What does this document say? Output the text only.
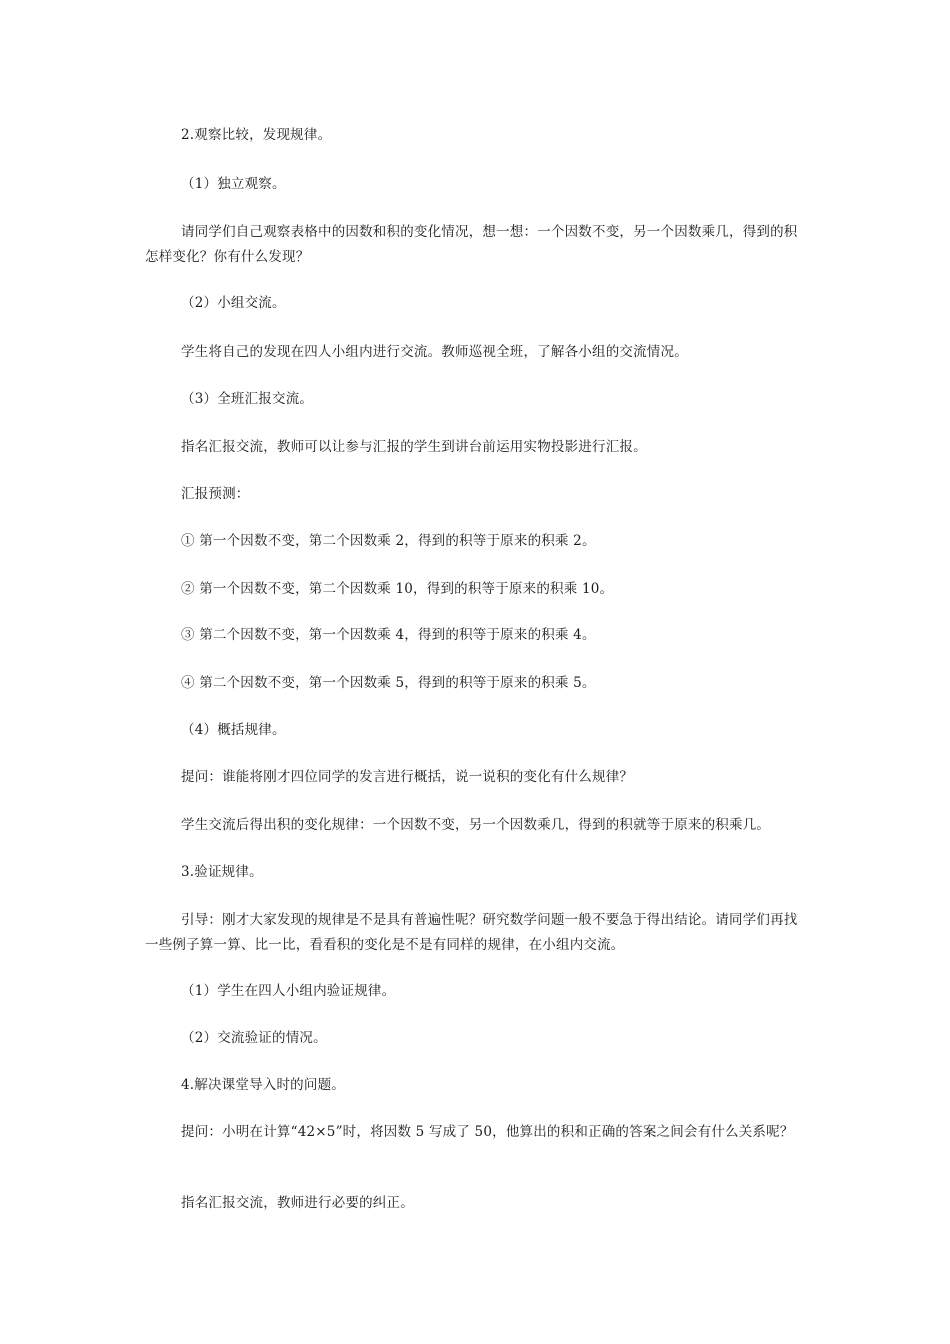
2.观察比较，发现规律。

（1）独立观察。

请同学们自己观察表格中的因数和积的变化情况，想一想：一个因数不变，另一个因数乘几，得到的积怎样变化？你有什么发现？

（2）小组交流。

学生将自己的发现在四人小组内进行交流。教师巡视全班，了解各小组的交流情况。

（3）全班汇报交流。

指名汇报交流，教师可以让参与汇报的学生到讲台前运用实物投影进行汇报。

汇报预测：

① 第一个因数不变，第二个因数乘 2，得到的积等于原来的积乘 2。

② 第一个因数不变，第二个因数乘 10，得到的积等于原来的积乘 10。

③ 第二个因数不变，第一个因数乘 4，得到的积等于原来的积乘 4。

④ 第二个因数不变，第一个因数乘 5，得到的积等于原来的积乘 5。

（4）概括规律。

提问：谁能将刚才四位同学的发言进行概括，说一说积的变化有什么规律？

学生交流后得出积的变化规律：一个因数不变，另一个因数乘几，得到的积就等于原来的积乘几。

3.验证规律。

引导：刚才大家发现的规律是不是具有普遍性呢？研究数学问题一般不要急于得出结论。请同学们再找一些例子算一算、比一比，看看积的变化是不是有同样的规律，在小组内交流。

（1）学生在四人小组内验证规律。

（2）交流验证的情况。

4.解决课堂导入时的问题。

提问：小明在计算“42×5”时，将因数 5 写成了 50，他算出的积和正确的答案之间会有什么关系呢？

指名汇报交流，教师进行必要的纠正。
